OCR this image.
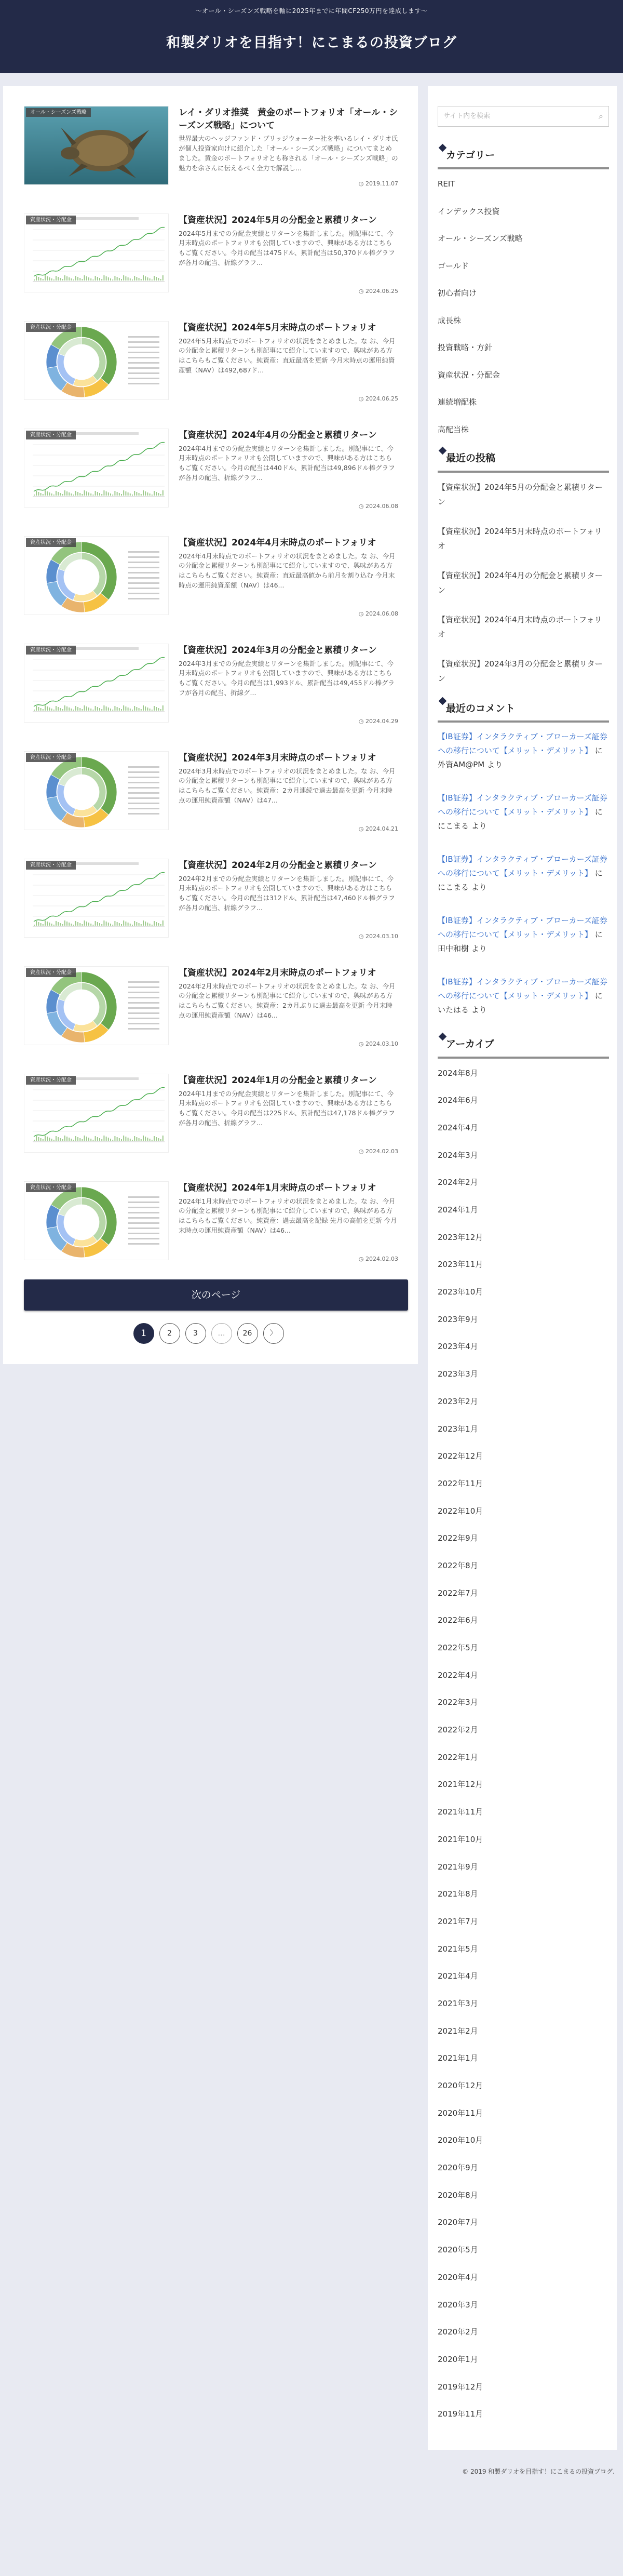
〜オール・シーズンズ戦略を軸に2025年までに年間CF250万円を達成します〜

和製ダリオを目指す！にこまるの投資ブログ
オール・シーズンズ戦略	レイ・ダリオ推奨　黄金のポートフォリオ「オール・シーズンズ戦略」について

世界最大のヘッジファンド・ブリッジウォーター社を率いるレイ・ダリオ氏が個人投資家向けに紹介した「オール・シーズンズ戦略」についてまとめました。黄金のポートフォリオとも称される「オール・シーズンズ戦略」の魅力を余さんに伝えるべく全力で解説し...

◷ 2019.11.07

資産状況・分配金	【資産状況】2024年5月の分配金と累積リターン

2024年5月までの分配金実績とリターンを集計しました。別記事にて、今月末時点のポートフォリオも公開していますので、興味がある方はこちらもご覧ください。今月の配当は475ドル、累計配当は50,370ドル棒グラフが各月の配当、折線グラフ...

◷ 2024.06.25

資産状況・分配金	【資産状況】2024年5月末時点のポートフォリオ

2024年5月末時点でのポートフォリオの状況をまとめました。な お、今月の分配金と累積リターンも別記事にて紹介していますので、興味がある方はこちらもご覧ください。純資産：直近最高を更新 今月末時点の運用純資産額（NAV）は492,687ド...

◷ 2024.06.25

資産状況・分配金	【資産状況】2024年4月の分配金と累積リターン

2024年4月までの分配金実績とリターンを集計しました。別記事にて、今月末時点のポートフォリオも公開していますので、興味がある方はこちらもご覧ください。今月の配当は440ドル、累計配当は49,896ドル棒グラフが各月の配当、折線グラフ...

◷ 2024.06.08

資産状況・分配金	【資産状況】2024年4月末時点のポートフォリオ

2024年4月末時点でのポートフォリオの状況をまとめました。な お、今月の分配金と累積リターンも別記事にて紹介していますので、興味がある方はこちらもご覧ください。純資産：直近最高値から前月を割り込む 今月末時点の運用純資産額（NAV）は46...

◷ 2024.06.08

資産状況・分配金	【資産状況】2024年3月の分配金と累積リターン

2024年3月までの分配金実績とリターンを集計しました。別記事にて、今月末時点のポートフォリオも公開していますので、興味がある方はこちらもご覧ください。今月の配当は1,993ドル、累計配当は49,455ドル棒グラフが各月の配当、折線グ...

◷ 2024.04.29

資産状況・分配金	【資産状況】2024年3月末時点のポートフォリオ

2024年3月末時点でのポートフォリオの状況をまとめました。な お、今月の分配金と累積リターンも別記事にて紹介していますので、興味がある方はこちらもご覧ください。純資産：2カ月連続で過去最高を更新 今月末時点の運用純資産額（NAV）は47...

◷ 2024.04.21

資産状況・分配金	【資産状況】2024年2月の分配金と累積リターン

2024年2月までの分配金実績とリターンを集計しました。別記事にて、今月末時点のポートフォリオも公開していますので、興味がある方はこちらもご覧ください。今月の配当は312ドル、累計配当は47,460ドル棒グラフが各月の配当、折線グラフ...

◷ 2024.03.10

資産状況・分配金	【資産状況】2024年2月末時点のポートフォリオ

2024年2月末時点でのポートフォリオの状況をまとめました。な お、今月の分配金と累積リターンも別記事にて紹介していますので、興味がある方はこちらもご覧ください。純資産：2カ月ぶりに過去最高を更新 今月末時点の運用純資産額（NAV）は46...

◷ 2024.03.10

資産状況・分配金	【資産状況】2024年1月の分配金と累積リターン

2024年1月までの分配金実績とリターンを集計しました。別記事にて、今月末時点のポートフォリオも公開していますので、興味がある方はこちらもご覧ください。今月の配当は225ドル、累計配当は47,178ドル棒グラフが各月の配当、折線グラフ...

◷ 2024.02.03

資産状況・分配金	【資産状況】2024年1月末時点のポートフォリオ

2024年1月末時点でのポートフォリオの状況をまとめました。な お、今月の分配金と累積リターンも別記事にて紹介していますので、興味がある方はこちらもご覧ください。純資産：過去最高を記録 先月の高値を更新 今月末時点の運用純資産額（NAV）は46...

◷ 2024.02.03

次のページ
1	2	3	…	26	〉
サイト内を検索	⌕
カテゴリー
REIT
インデックス投資
オール・シーズンズ戦略
ゴールド
初心者向け
成長株
投資戦略・方針
資産状況・分配金
連続増配株
高配当株
最近の投稿
【資産状況】2024年5月の分配金と累積リターン
【資産状況】2024年5月末時点のポートフォリオ
【資産状況】2024年4月の分配金と累積リターン
【資産状況】2024年4月末時点のポートフォリオ
【資産状況】2024年3月の分配金と累積リターン
最近のコメント
【IB証券】インタラクティブ・ブローカーズ証券への移行について【メリット・デメリット】 に 外資AM@PM より
【IB証券】インタラクティブ・ブローカーズ証券への移行について【メリット・デメリット】 に にこまる より
【IB証券】インタラクティブ・ブローカーズ証券への移行について【メリット・デメリット】 に にこまる より
【IB証券】インタラクティブ・ブローカーズ証券への移行について【メリット・デメリット】 に 田中和樹 より
【IB証券】インタラクティブ・ブローカーズ証券への移行について【メリット・デメリット】 に いたはる より
アーカイブ
2024年8月
2024年6月
2024年4月
2024年3月
2024年2月
2024年1月
2023年12月
2023年11月
2023年10月
2023年9月
2023年4月
2023年3月
2023年2月
2023年1月
2022年12月
2022年11月
2022年10月
2022年9月
2022年8月
2022年7月
2022年6月
2022年5月
2022年4月
2022年3月
2022年2月
2022年1月
2021年12月
2021年11月
2021年10月
2021年9月
2021年8月
2021年7月
2021年5月
2021年4月
2021年3月
2021年2月
2021年1月
2020年12月
2020年11月
2020年10月
2020年9月
2020年8月
2020年7月
2020年5月
2020年4月
2020年3月
2020年2月
2020年1月
2019年12月
2019年11月
© 2019 和製ダリオを目指す！にこまるの投資ブログ.
